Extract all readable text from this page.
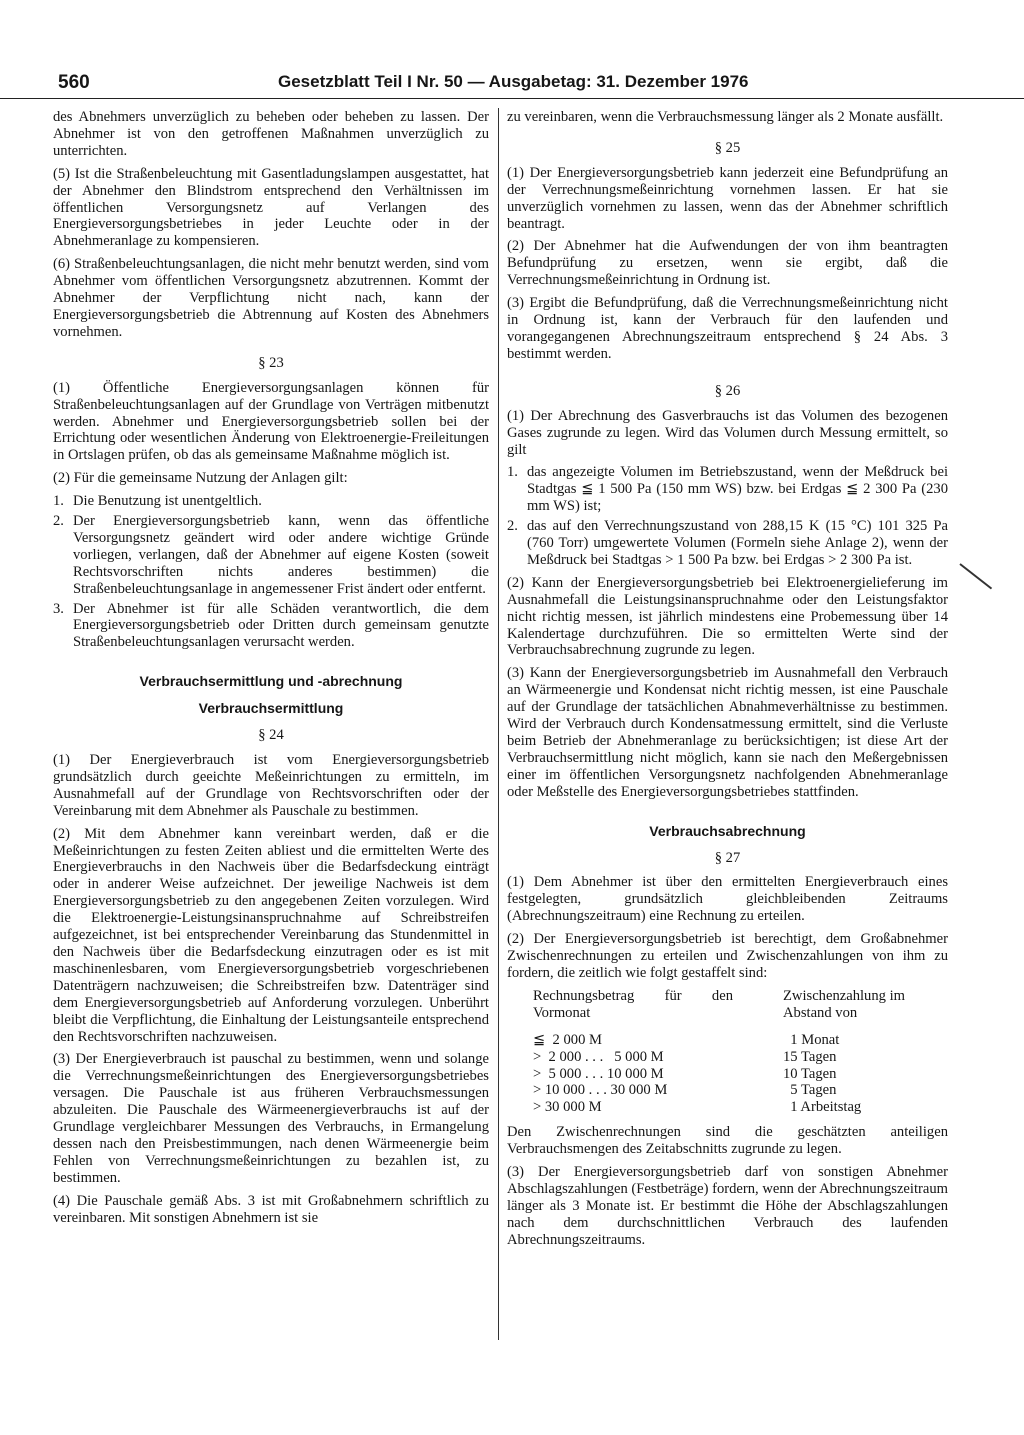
560	Gesetzblatt Teil I Nr. 50 — Ausgabetag: 31. Dezember 1976

des Abnehmers unverzüglich zu beheben oder beheben zu lassen. Der Abnehmer ist von den getroffenen Maßnahmen unverzüglich zu unterrichten.

(5) Ist die Straßenbeleuchtung mit Gasentladungslampen ausgestattet, hat der Abnehmer den Blindstrom entsprechend den Verhältnissen im öffentlichen Versorgungsnetz auf Verlangen des Energieversorgungsbetriebes in jeder Leuchte oder in der Abnehmeranlage zu kompensieren.

(6) Straßenbeleuchtungsanlagen, die nicht mehr benutzt werden, sind vom Abnehmer vom öffentlichen Versorgungsnetz abzutrennen. Kommt der Abnehmer der Verpflichtung nicht nach, kann der Energieversorgungsbetrieb die Abtrennung auf Kosten des Abnehmers vornehmen.

§ 23

(1) Öffentliche Energieversorgungsanlagen können für Straßenbeleuchtungsanlagen auf der Grundlage von Verträgen mitbenutzt werden. Abnehmer und Energieversorgungsbetrieb sollen bei der Errichtung oder wesentlichen Änderung von Elektroenergie-Freileitungen in Ortslagen prüfen, ob das als gemeinsame Maßnahme möglich ist.

(2) Für die gemeinsame Nutzung der Anlagen gilt:

1. Die Benutzung ist unentgeltlich.
2. Der Energieversorgungsbetrieb kann, wenn das öffentliche Versorgungsnetz geändert wird oder andere wichtige Gründe vorliegen, verlangen, daß der Abnehmer auf eigene Kosten (soweit Rechtsvorschriften nichts anderes bestimmen) die Straßenbeleuchtungsanlage in angemessener Frist ändert oder entfernt.
3. Der Abnehmer ist für alle Schäden verantwortlich, die dem Energieversorgungsbetrieb oder Dritten durch gemeinsam genutzte Straßenbeleuchtungsanlagen verursacht werden.
Verbrauchsermittlung und -abrechnung
Verbrauchsermittlung
§ 24

(1) Der Energieverbrauch ist vom Energieversorgungsbetrieb grundsätzlich durch geeichte Meßeinrichtungen zu ermitteln, im Ausnahmefall auf der Grundlage von Rechtsvorschriften oder der Vereinbarung mit dem Abnehmer als Pauschale zu bestimmen.

(2) Mit dem Abnehmer kann vereinbart werden, daß er die Meßeinrichtungen zu festen Zeiten abliest und die ermittelten Werte des Energieverbrauchs in den Nachweis über die Bedarfsdeckung einträgt oder in anderer Weise aufzeichnet. Der jeweilige Nachweis ist dem Energieversorgungsbetrieb zu den angegebenen Zeiten vorzulegen. Wird die Elektroenergie-Leistungsinanspruchnahme auf Schreibstreifen aufgezeichnet, ist bei entsprechender Vereinbarung das Stundenmittel in den Nachweis über die Bedarfsdeckung einzutragen oder es ist mit maschinenlesbaren, vom Energieversorgungsbetrieb vorgeschriebenen Datenträgern nachzuweisen; die Schreibstreifen bzw. Datenträger sind dem Energieversorgungsbetrieb auf Anforderung vorzulegen. Unberührt bleibt die Verpflichtung, die Einhaltung der Leistungsanteile entsprechend den Rechtsvorschriften nachzuweisen.

(3) Der Energieverbrauch ist pauschal zu bestimmen, wenn und solange die Verrechnungsmeßeinrichtungen des Energieversorgungsbetriebes versagen. Die Pauschale ist aus früheren Verbrauchsmessungen abzuleiten. Die Pauschale des Wärmeenergieverbrauchs ist auf der Grundlage vergleichbarer Messungen des Verbrauchs, in Ermangelung dessen nach den Preisbestimmungen, nach denen Wärmeenergie beim Fehlen von Verrechnungsmeßeinrichtungen zu bezahlen ist, zu bestimmen.

(4) Die Pauschale gemäß Abs. 3 ist mit Großabnehmern schriftlich zu vereinbaren. Mit sonstigen Abnehmern ist sie

zu vereinbaren, wenn die Verbrauchsmessung länger als 2 Monate ausfällt.

§ 25

(1) Der Energieversorgungsbetrieb kann jederzeit eine Befundprüfung an der Verrechnungsmeßeinrichtung vornehmen lassen. Er hat sie unverzüglich vornehmen zu lassen, wenn das der Abnehmer schriftlich beantragt.

(2) Der Abnehmer hat die Aufwendungen der von ihm beantragten Befundprüfung zu ersetzen, wenn sie ergibt, daß die Verrechnungsmeßeinrichtung in Ordnung ist.

(3) Ergibt die Befundprüfung, daß die Verrechnungsmeßeinrichtung nicht in Ordnung ist, kann der Verbrauch für den laufenden und vorangegangenen Abrechnungszeitraum entsprechend § 24 Abs. 3 bestimmt werden.

§ 26

(1) Der Abrechnung des Gasverbrauchs ist das Volumen des bezogenen Gases zugrunde zu legen. Wird das Volumen durch Messung ermittelt, so gilt

1. das angezeigte Volumen im Betriebszustand, wenn der Meßdruck bei Stadtgas ≦ 1 500 Pa (150 mm WS) bzw. bei Erdgas ≦ 2 300 Pa (230 mm WS) ist;
2. das auf den Verrechnungszustand von 288,15 K (15 °C) 101 325 Pa (760 Torr) umgewertete Volumen (Formeln siehe Anlage 2), wenn der Meßdruck bei Stadtgas > 1 500 Pa bzw. bei Erdgas > 2 300 Pa ist.

(2) Kann der Energieversorgungsbetrieb bei Elektroenergielieferung im Ausnahmefall die Leistungsinanspruchnahme oder den Leistungsfaktor nicht richtig messen, ist jährlich mindestens eine Probemessung über 14 Kalendertage durchzuführen. Die so ermittelten Werte sind der Verbrauchsabrechnung zugrunde zu legen.

(3) Kann der Energieversorgungsbetrieb im Ausnahmefall den Verbrauch an Wärmeenergie und Kondensat nicht richtig messen, ist eine Pauschale auf der Grundlage der tatsächlichen Abnahmeverhältnisse zu bestimmen. Wird der Verbrauch durch Kondensatmessung ermittelt, sind die Verluste beim Betrieb der Abnehmeranlage zu berücksichtigen; ist diese Art der Verbrauchsermittlung nicht möglich, kann sie nach den Meßergebnissen einer im öffentlichen Versorgungsnetz nachfolgenden Abnehmeranlage oder Meßstelle des Energieversorgungsbetriebes stattfinden.

Verbrauchsabrechnung
§ 27

(1) Dem Abnehmer ist über den ermittelten Energieverbrauch eines festgelegten, grundsätzlich gleichbleibenden Zeitraums (Abrechnungszeitraum) eine Rechnung zu erteilen.

(2) Der Energieversorgungsbetrieb ist berechtigt, dem Großabnehmer Zwischenrechnungen zu erteilen und Zwischenzahlungen von ihm zu fordern, die zeitlich wie folgt gestaffelt sind:

Rechnungsbetrag für den Vormonat
Zwischenzahlung im Abstand von
≦  2 000 M	1 Monat
>  2 000 . . .   5 000 M	15 Tagen
>  5 000 . . . 10 000 M	10 Tagen
> 10 000 . . . 30 000 M	5 Tagen
> 30 000 M	1 Arbeitstag

Den Zwischenrechnungen sind die geschätzten anteiligen Verbrauchsmengen des Zeitabschnitts zugrunde zu legen.

(3) Der Energieversorgungsbetrieb darf von sonstigen Abnehmer Abschlagszahlungen (Festbeträge) fordern, wenn der Abrechnungszeitraum länger als 3 Monate ist. Er bestimmt die Höhe der Abschlagszahlungen nach dem durchschnittlichen Verbrauch des laufenden Abrechnungszeitraums.
